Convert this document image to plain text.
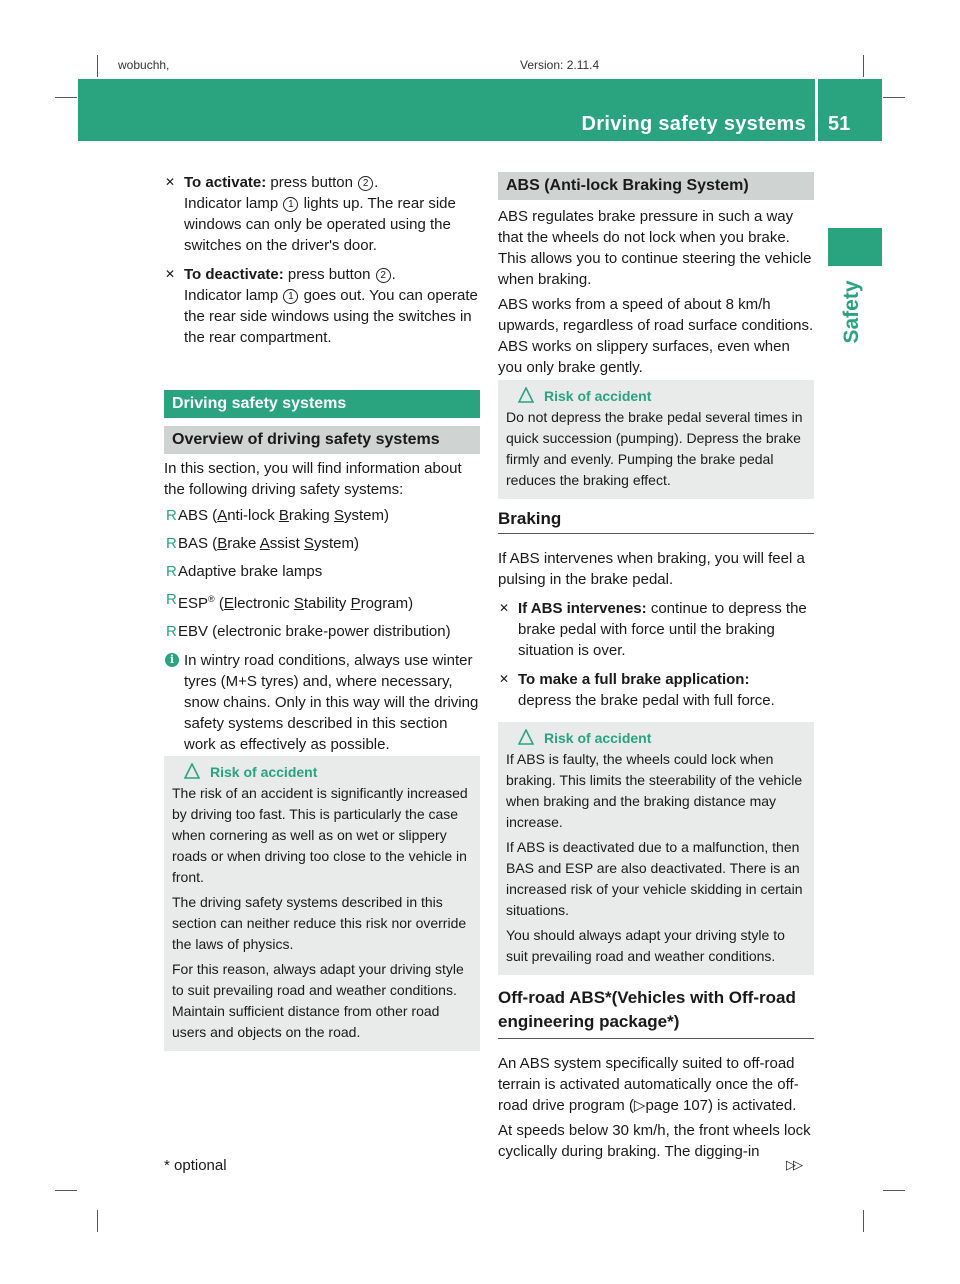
wobuchh,	Version: 2.11.4
Driving safety systems 51
Safety
✕ To activate: press button 2 .

Indicator lamp 1 lights up. The rear side windows can only be operated using the switches on the driver's door.

✕ To deactivate: press button 2 .

Indicator lamp 1 goes out. You can operate the rear side windows using the switches in the rear compartment.

Driving safety systems
Overview of driving safety systems

In this section, you will find information about the following driving safety systems:

R ABS (Anti-lock Braking System)
R BAS (Brake Assist System)
R Adaptive brake lamps
R ESP® (Electronic Stability Program)
R EBV (electronic brake-power distribution)
i In wintry road conditions, always use winter tyres (M+S tyres) and, where necessary, snow chains. Only in this way will the driving safety systems described in this section work as effectively as possible.

Risk of accident

The risk of an accident is significantly increased by driving too fast. This is particularly the case when cornering as well as on wet or slippery roads or when driving too close to the vehicle in front.

The driving safety systems described in this section can neither reduce this risk nor override the laws of physics.

For this reason, always adapt your driving style to suit prevailing road and weather conditions. Maintain sufficient distance from other road users and objects on the road.

ABS (Anti-lock Braking System)

ABS regulates brake pressure in such a way that the wheels do not lock when you brake. This allows you to continue steering the vehicle when braking.

ABS works from a speed of about 8 km/h upwards, regardless of road surface conditions. ABS works on slippery surfaces, even when you only brake gently.

Risk of accident

Do not depress the brake pedal several times in quick succession (pumping). Depress the brake firmly and evenly. Pumping the brake pedal reduces the braking effect.

Braking

If ABS intervenes when braking, you will feel a pulsing in the brake pedal.

✕ If ABS intervenes: continue to depress the brake pedal with force until the braking situation is over.

✕ To make a full brake application:

depress the brake pedal with full force.

Risk of accident

If ABS is faulty, the wheels could lock when braking. This limits the steerability of the vehicle when braking and the braking distance may increase.

If ABS is deactivated due to a malfunction, then BAS and ESP are also deactivated. There is an increased risk of your vehicle skidding in certain situations.

You should always adapt your driving style to suit prevailing road and weather conditions.

Off-road ABS*(Vehicles with Off-road engineering package*)

An ABS system specifically suited to off-road terrain is activated automatically once the off-road drive program (▷page 107) is activated.

At speeds below 30 km/h, the front wheels lock cyclically during braking. The digging-in

* optional	▷▷
